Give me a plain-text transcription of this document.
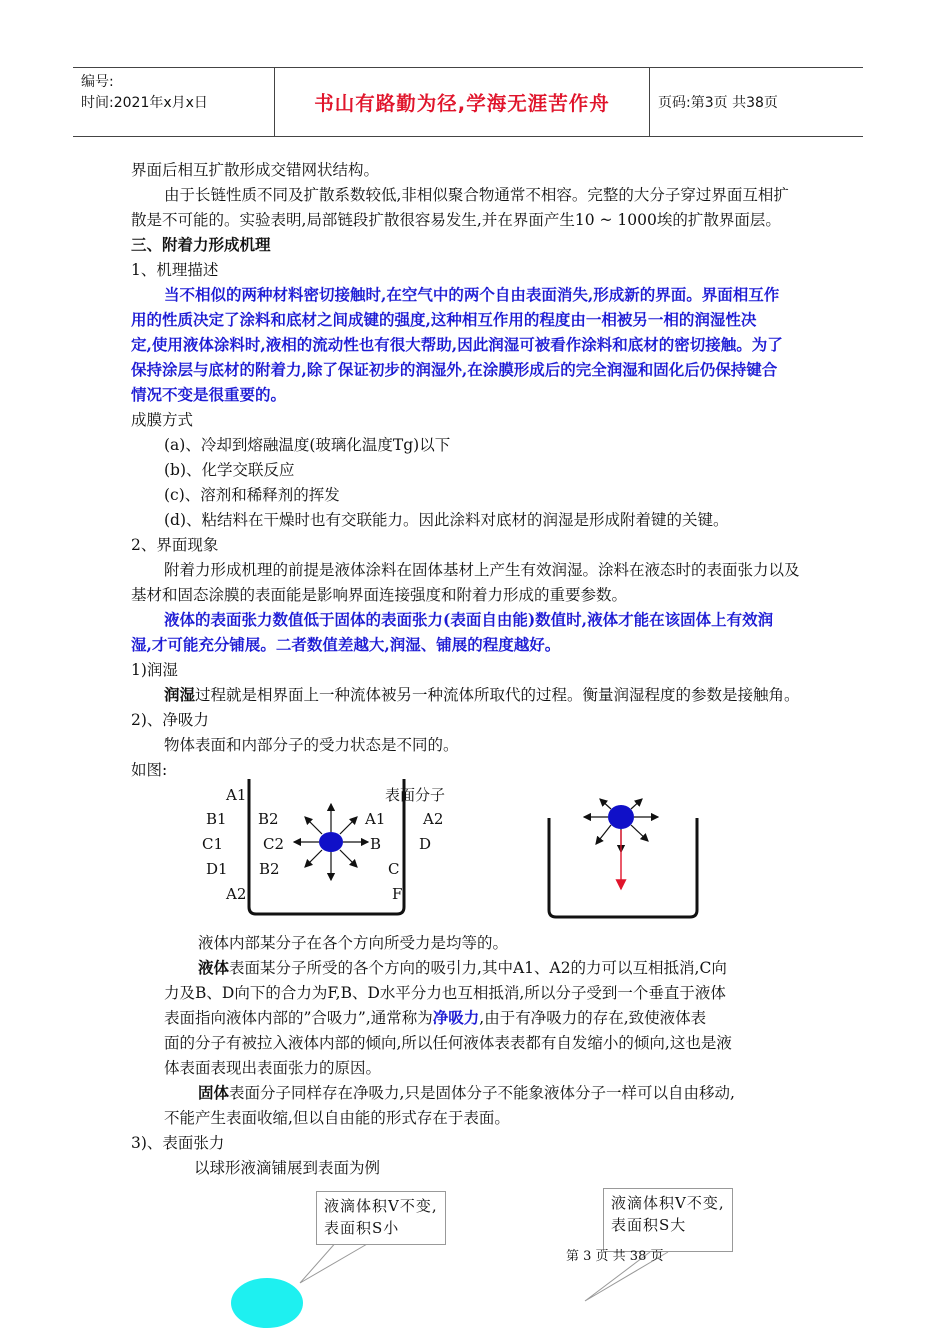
编号:
时间:2021年x月x日	书山有路勤为径,学海无涯苦作舟	页码:第3页 共38页
界面后相互扩散形成交错网状结构。
由于长链性质不同及扩散系数较低,非相似聚合物通常不相容。完整的大分子穿过界面互相扩
散是不可能的。实验表明,局部链段扩散很容易发生,并在界面产生10 ~ 1000埃的扩散界面层。
三、附着力形成机理
1、机理描述
当不相似的两种材料密切接触时,在空气中的两个自由表面消失,形成新的界面。界面相互作
用的性质决定了涂料和底材之间成键的强度,这种相互作用的程度由一相被另一相的润湿性决
定,使用液体涂料时,液相的流动性也有很大帮助,因此润湿可被看作涂料和底材的密切接触。为了
保持涂层与底材的附着力,除了保证初步的润湿外,在涂膜形成后的完全润湿和固化后仍保持键合
情况不变是很重要的。
成膜方式
(a)、冷却到熔融温度(玻璃化温度Tg)以下
(b)、化学交联反应
(c)、溶剂和稀释剂的挥发
(d)、粘结料在干燥时也有交联能力。因此涂料对底材的润湿是形成附着键的关键。
2、界面现象
附着力形成机理的前提是液体涂料在固体基材上产生有效润湿。涂料在液态时的表面张力以及
基材和固态涂膜的表面能是影响界面连接强度和附着力形成的重要参数。
液体的表面张力数值低于固体的表面张力(表面自由能)数值时,液体才能在该固体上有效润
湿,才可能充分铺展。二者数值差越大,润湿、铺展的程度越好。
1)润湿
润湿过程就是相界面上一种流体被另一种流体所取代的过程。衡量润湿程度的参数是接触角。
2)、净吸力
物体表面和内部分子的受力状态是不同的。
如图:
A1
B1
C1
D1
A2
B2
C2
B2
A1
B
C
F
表面分子
A2
D
液体内部某分子在各个方向所受力是均等的。
液体表面某分子所受的各个方向的吸引力,其中A1、A2的力可以互相抵消,C向
力及B、D向下的合力为F,B、D水平分力也互相抵消,所以分子受到一个垂直于液体
表面指向液体内部的”合吸力”,通常称为净吸力,由于有净吸力的存在,致使液体表
面的分子有被拉入液体内部的倾向,所以任何液体表表都有自发缩小的倾向,这也是液
体表面表现出表面张力的原因。
固体表面分子同样存在净吸力,只是固体分子不能象液体分子一样可以自由移动,
不能产生表面收缩,但以自由能的形式存在于表面。
3)、表面张力
以球形液滴铺展到表面为例
液滴体积V不变,表面积S小
液滴体积V不变,表面积S大
第 3 页 共 38 页
